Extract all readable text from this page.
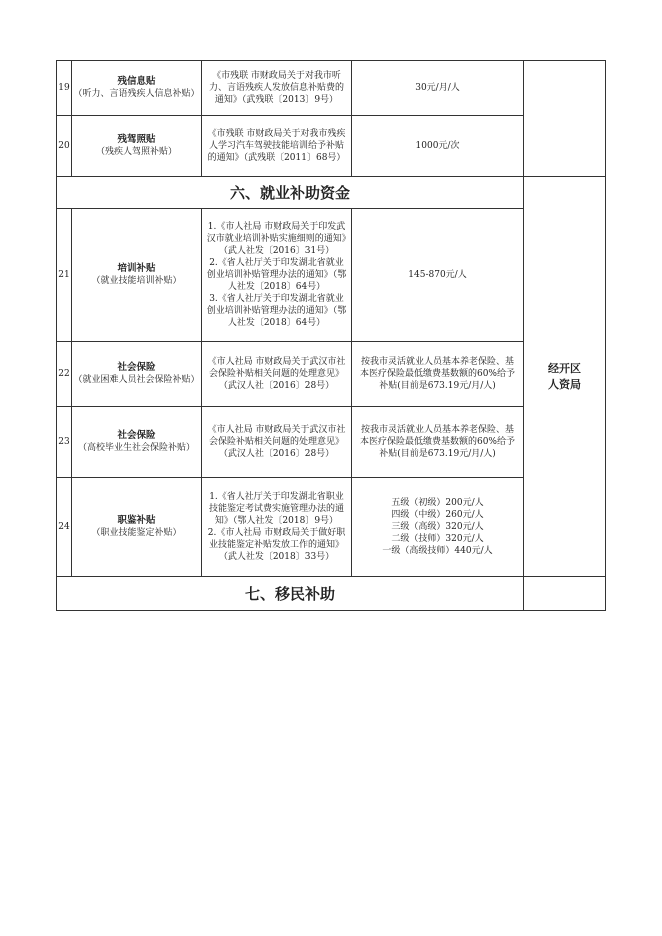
19
残信息贴
（听力、言语残疾人信息补贴）
《市残联 市财政局关于对我市听力、言语残疾人发放信息补贴费的通知》（武残联〔2013〕9号）
30元/月/人
20
残驾照贴
（残疾人驾照补贴）
《市残联 市财政局关于对我市残疾人学习汽车驾驶技能培训给予补贴的通知》（武残联〔2011〕68号）
1000元/次
六、就业补助资金
21
培训补贴
（就业技能培训补贴）
1.《市人社局 市财政局关于印发武汉市就业培训补贴实施细则的通知》（武人社发〔2016〕31号）
2.《省人社厅关于印发湖北省就业创业培训补贴管理办法的通知》（鄂人社发〔2018〕64号）
3.《省人社厅关于印发湖北省就业创业培训补贴管理办法的通知》（鄂人社发〔2018〕64号）
145-870元/人
22
社会保险
（就业困难人员社会保险补贴）
《市人社局 市财政局关于武汉市社会保险补贴相关问题的处理意见》（武汉人社〔2016〕28号）
按我市灵活就业人员基本养老保险、基本医疗保险最低缴费基数额的60%给予补贴(目前是673.19元/月/人)
23
社会保险
（高校毕业生社会保险补贴）
《市人社局 市财政局关于武汉市社会保险补贴相关问题的处理意见》（武汉人社〔2016〕28号）
按我市灵活就业人员基本养老保险、基本医疗保险最低缴费基数额的60%给予补贴(目前是673.19元/月/人)
24
职鉴补贴
（职业技能鉴定补贴）
1.《省人社厅关于印发湖北省职业技能鉴定考试费实施管理办法的通知》（鄂人社发〔2018〕9号）
2.《市人社局 市财政局关于做好职业技能鉴定补贴发放工作的通知》（武人社发〔2018〕33号）
五级（初级）200元/人
四级（中级）260元/人
三级（高级）320元/人
二级（技师）320元/人
一级（高级技师）440元/人
经开区
人资局
七、移民补助
